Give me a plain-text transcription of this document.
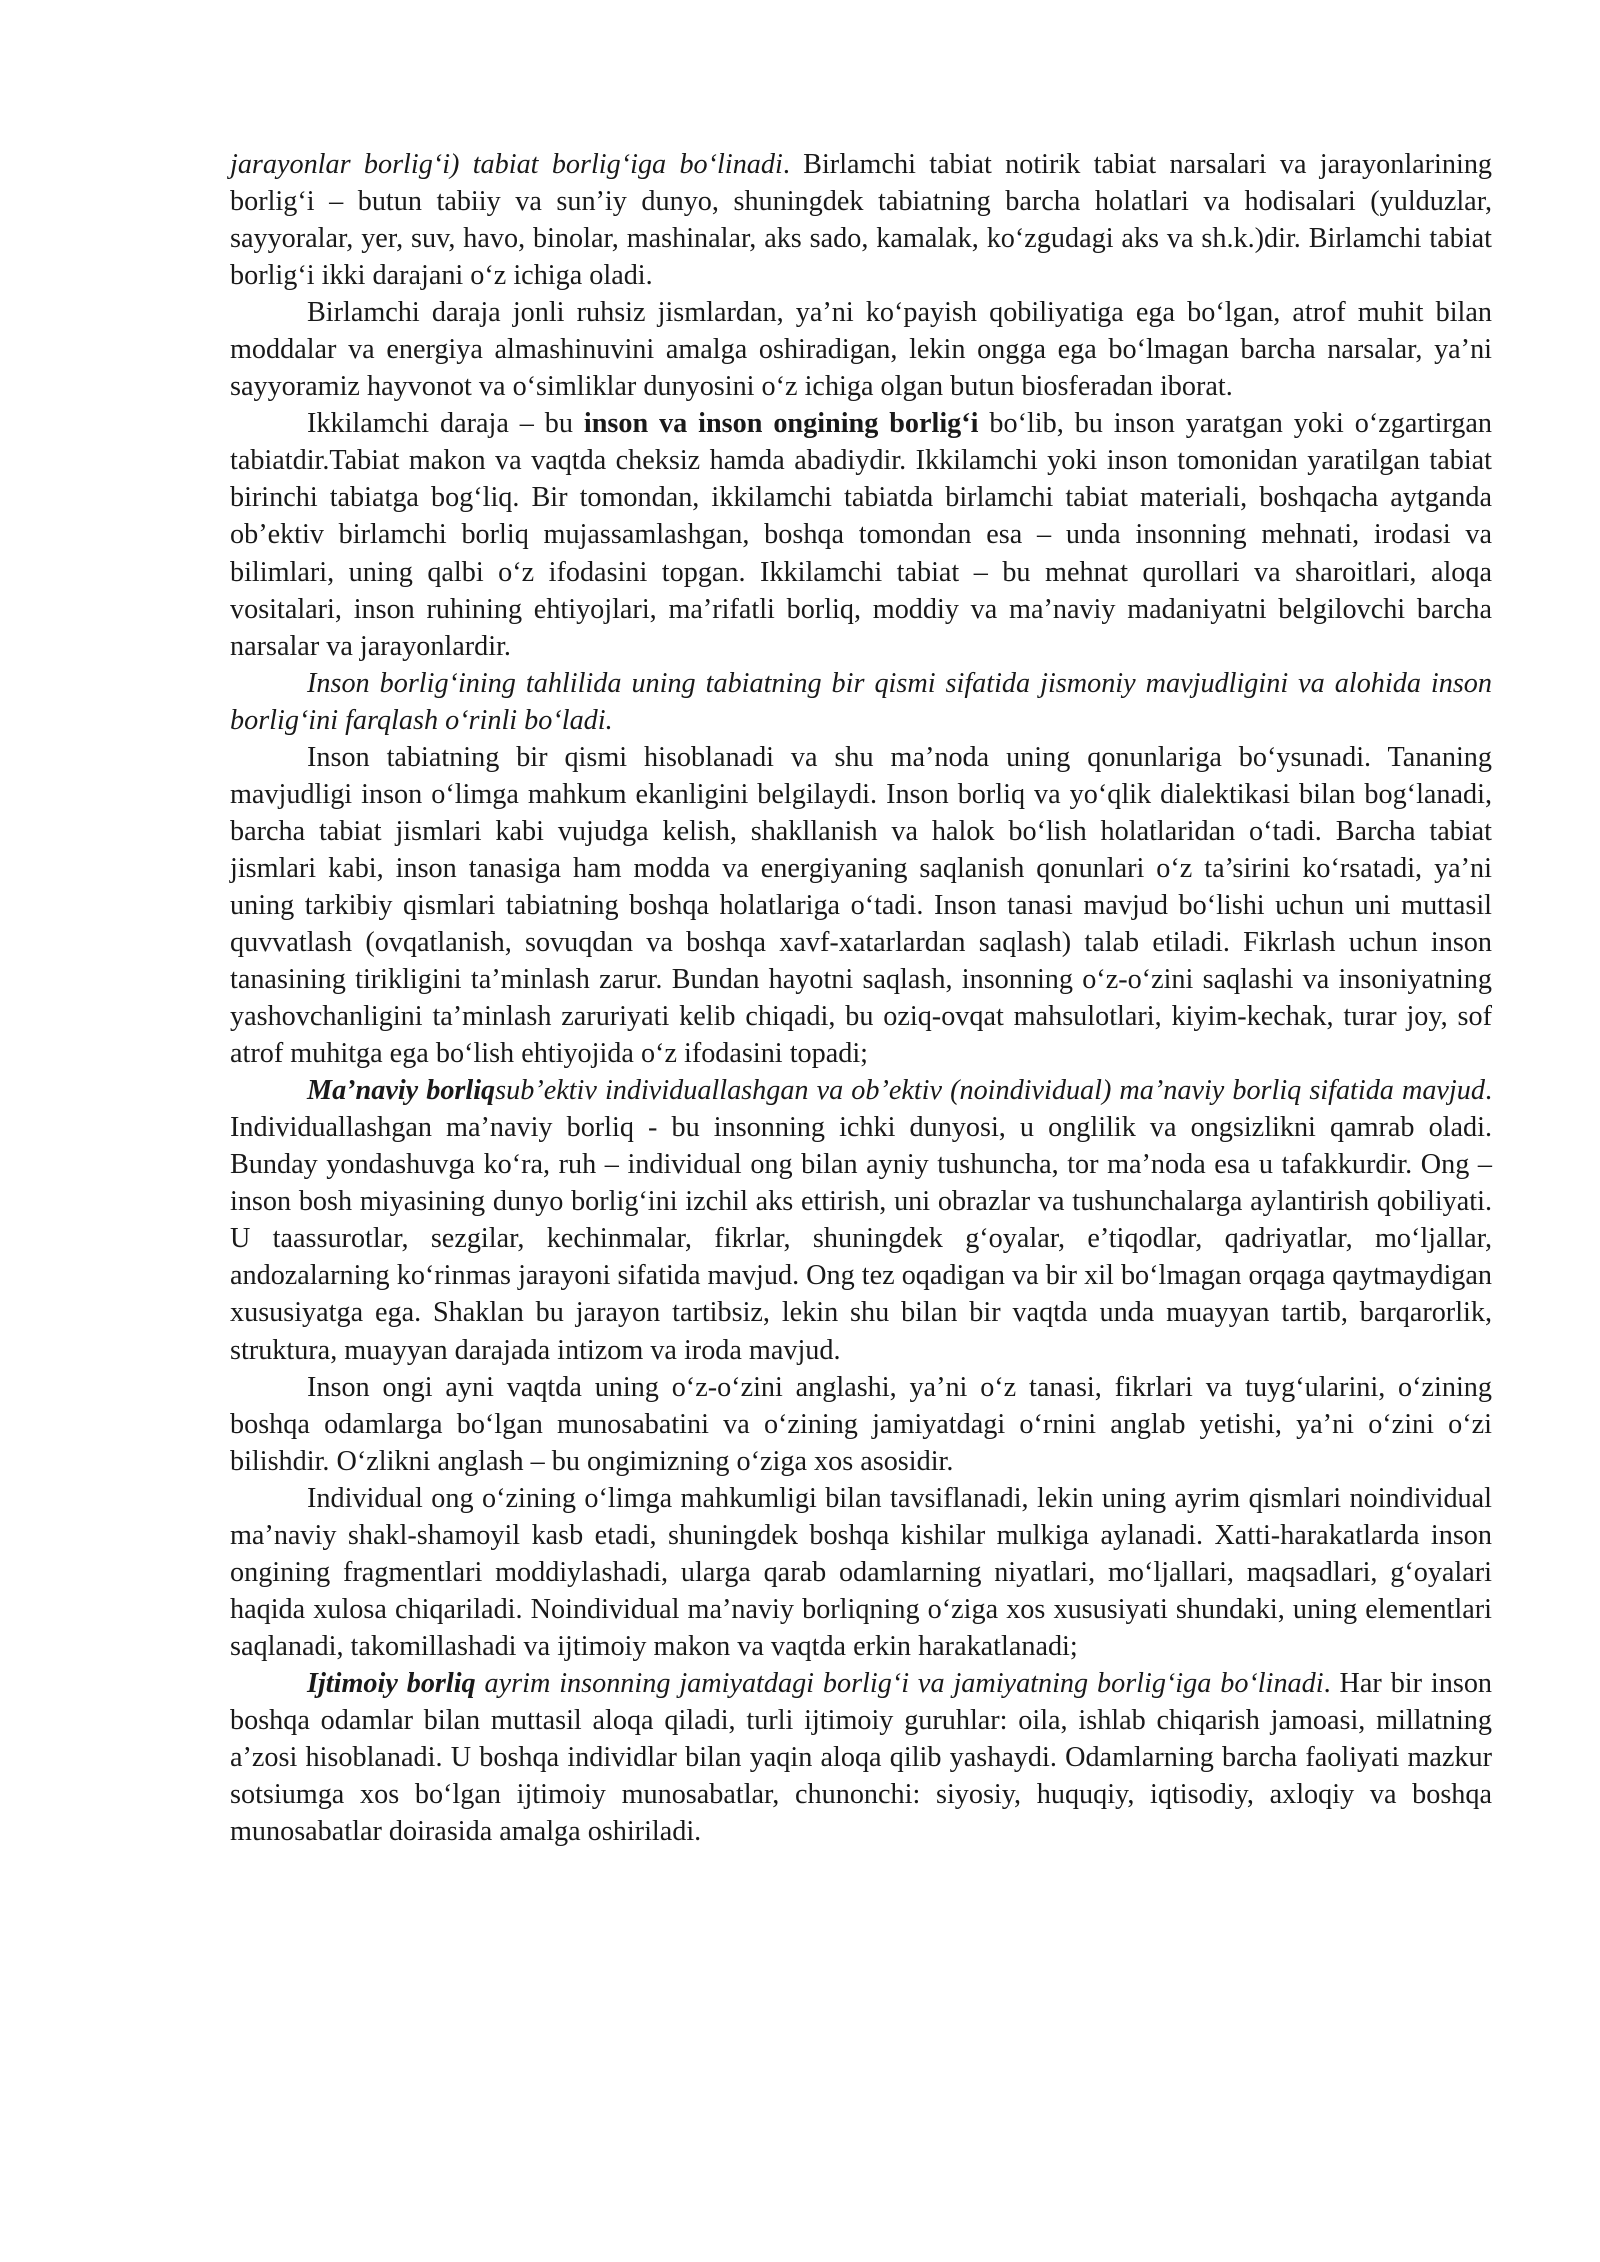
jarayonlar borlig‘i) tabiat borlig‘iga bo‘linadi. Birlamchi tabiat notirik tabiat narsalari va jarayonlarining borlig‘i – butun tabiiy va sun’iy dunyo, shuningdek tabiatning barcha holatlari va hodisalari (yulduzlar, sayyoralar, yer, suv, havo, binolar, mashinalar, aks sado, kamalak, ko‘zgudagi aks va sh.k.)dir. Birlamchi tabiat borlig‘i ikki darajani o‘z ichiga oladi.

Birlamchi daraja jonli ruhsiz jismlardan, ya’ni ko‘payish qobiliyatiga ega bo‘lgan, atrof muhit bilan moddalar va energiya almashinuvini amalga oshiradigan, lekin ongga ega bo‘lmagan barcha narsalar, ya’ni sayyoramiz hayvonot va o‘simliklar dunyosini o‘z ichiga olgan butun biosferadan iborat.

Ikkilamchi daraja – bu inson va inson ongining borlig‘i bo‘lib, bu inson yaratgan yoki o‘zgartirgan tabiatdir.Tabiat makon va vaqtda cheksiz hamda abadiydir. Ikkilamchi yoki inson tomonidan yaratilgan tabiat birinchi tabiatga bog‘liq. Bir tomondan, ikkilamchi tabiatda birlamchi tabiat materiali, boshqacha aytganda ob’ektiv birlamchi borliq mujassamlashgan, boshqa tomondan esa – unda insonning mehnati, irodasi va bilimlari, uning qalbi o‘z ifodasini topgan. Ikkilamchi tabiat – bu mehnat qurollari va sharoitlari, aloqa vositalari, inson ruhining ehtiyojlari, ma’rifatli borliq, moddiy va ma’naviy madaniyatni belgilovchi barcha narsalar va jarayonlardir.

Inson borlig‘ining tahlilida uning tabiatning bir qismi sifatida jismoniy mavjudligini va alohida inson borlig‘ini farqlash o‘rinli bo‘ladi.

Inson tabiatning bir qismi hisoblanadi va shu ma’noda uning qonunlariga bo‘ysunadi. Tananing mavjudligi inson o‘limga mahkum ekanligini belgilaydi. Inson borliq va yo‘qlik dialektikasi bilan bog‘lanadi, barcha tabiat jismlari kabi vujudga kelish, shakllanish va halok bo‘lish holatlaridan o‘tadi. Barcha tabiat jismlari kabi, inson tanasiga ham modda va energiyaning saqlanish qonunlari o‘z ta’sirini ko‘rsatadi, ya’ni uning tarkibiy qismlari tabiatning boshqa holatlariga o‘tadi. Inson tanasi mavjud bo‘lishi uchun uni muttasil quvvatlash (ovqatlanish, sovuqdan va boshqa xavf-xatarlardan saqlash) talab etiladi. Fikrlash uchun inson tanasining tirikligini ta’minlash zarur. Bundan hayotni saqlash, insonning o‘z-o‘zini saqlashi va insoniyatning yashovchanligini ta’minlash zaruriyati kelib chiqadi, bu oziq-ovqat mahsulotlari, kiyim-kechak, turar joy, sof atrof muhitga ega bo‘lish ehtiyojida o‘z ifodasini topadi;

Ma’naviy borliqsub’ektiv individuallashgan va ob’ektiv (noindividual) ma’naviy borliq sifatida mavjud. Individuallashgan ma’naviy borliq - bu insonning ichki dunyosi, u onglilik va ongsizlikni qamrab oladi. Bunday yondashuvga ko‘ra, ruh – individual ong bilan ayniy tushuncha, tor ma’noda esa u tafakkurdir. Ong – inson bosh miyasining dunyo borlig‘ini izchil aks ettirish, uni obrazlar va tushunchalarga aylantirish qobiliyati. U taassurotlar, sezgilar, kechinmalar, fikrlar, shuningdek g‘oyalar, e’tiqodlar, qadriyatlar, mo‘ljallar, andozalarning ko‘rinmas jarayoni sifatida mavjud. Ong tez oqadigan va bir xil bo‘lmagan orqaga qaytmaydigan xususiyatga ega. Shaklan bu jarayon tartibsiz, lekin shu bilan bir vaqtda unda muayyan tartib, barqarorlik, struktura, muayyan darajada intizom va iroda mavjud.

Inson ongi ayni vaqtda uning o‘z-o‘zini anglashi, ya’ni o‘z tanasi, fikrlari va tuyg‘ularini, o‘zining boshqa odamlarga bo‘lgan munosabatini va o‘zining jamiyatdagi o‘rnini anglab yetishi, ya’ni o‘zini o‘zi bilishdir. O‘zlikni anglash – bu ongimizning o‘ziga xos asosidir.

Individual ong o‘zining o‘limga mahkumligi bilan tavsiflanadi, lekin uning ayrim qismlari noindividual ma’naviy shakl-shamoyil kasb etadi, shuningdek boshqa kishilar mulkiga aylanadi. Xatti-harakatlarda inson ongining fragmentlari moddiylashadi, ularga qarab odamlarning niyatlari, mo‘ljallari, maqsadlari, g‘oyalari haqida xulosa chiqariladi. Noindividual ma’naviy borliqning o‘ziga xos xususiyati shundaki, uning elementlari saqlanadi, takomillashadi va ijtimoiy makon va vaqtda erkin harakatlanadi;

Ijtimoiy borliq ayrim insonning jamiyatdagi borlig‘i va jamiyatning borlig‘iga bo‘linadi. Har bir inson boshqa odamlar bilan muttasil aloqa qiladi, turli ijtimoiy guruhlar: oila, ishlab chiqarish jamoasi, millatning a’zosi hisoblanadi. U boshqa individlar bilan yaqin aloqa qilib yashaydi. Odamlarning barcha faoliyati mazkur sotsiumga xos bo‘lgan ijtimoiy munosabatlar, chunonchi: siyosiy, huquqiy, iqtisodiy, axloqiy va boshqa munosabatlar doirasida amalga oshiriladi.
